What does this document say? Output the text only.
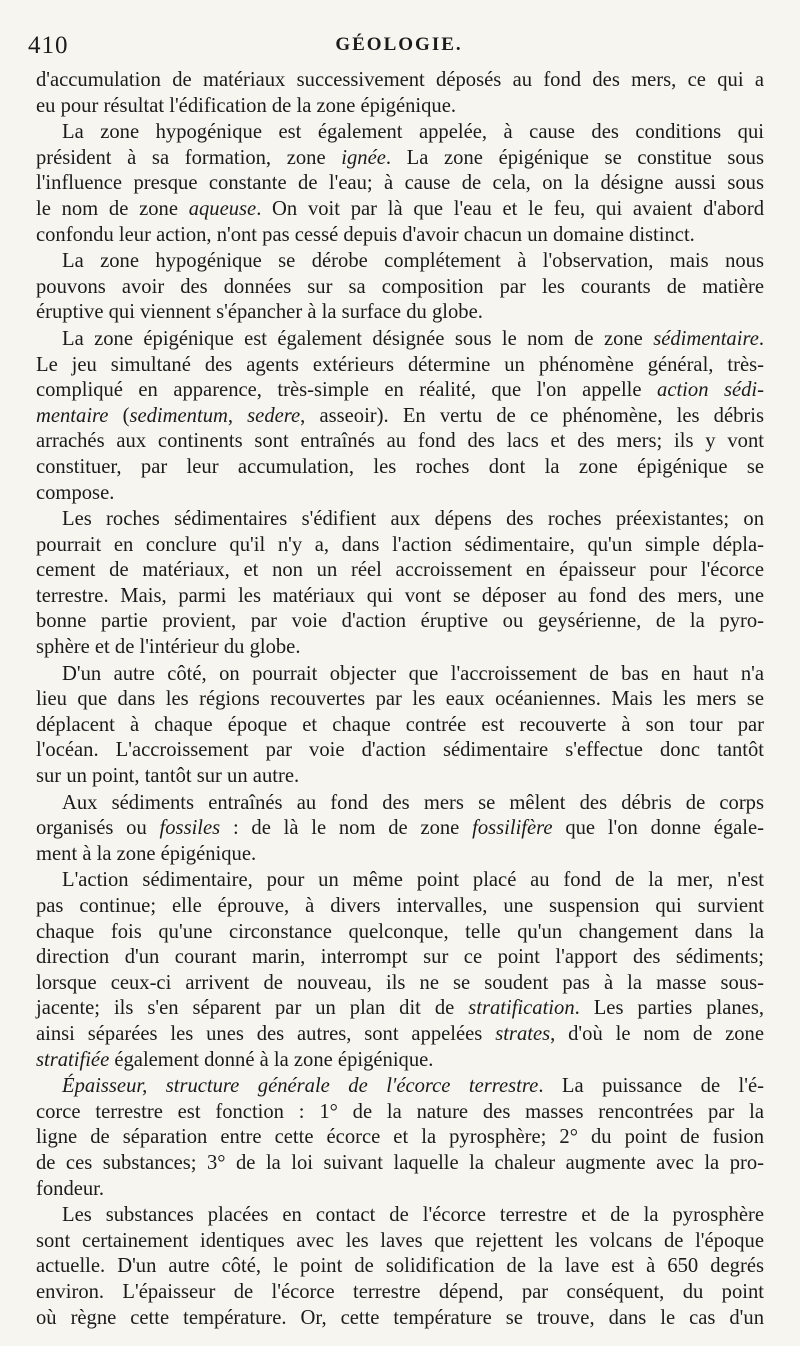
410	GÉOLOGIE.
d'accumulation de matériaux successivement déposés au fond des mers, ce qui a
eu pour résultat l'édification de la zone épigénique.
La zone hypogénique est également appelée, à cause des conditions qui
président à sa formation, zone ignée. La zone épigénique se constitue sous
l'influence presque constante de l'eau; à cause de cela, on la désigne aussi sous
le nom de zone aqueuse. On voit par là que l'eau et le feu, qui avaient d'abord
confondu leur action, n'ont pas cessé depuis d'avoir chacun un domaine distinct.
La zone hypogénique se dérobe complétement à l'observation, mais nous
pouvons avoir des données sur sa composition par les courants de matière
éruptive qui viennent s'épancher à la surface du globe.
La zone épigénique est également désignée sous le nom de zone sédimentaire.
Le jeu simultané des agents extérieurs détermine un phénomène général, très-
compliqué en apparence, très-simple en réalité, que l'on appelle action sédi-
mentaire (sedimentum, sedere, asseoir). En vertu de ce phénomène, les débris
arrachés aux continents sont entraînés au fond des lacs et des mers; ils y vont
constituer, par leur accumulation, les roches dont la zone épigénique se
compose.
Les roches sédimentaires s'édifient aux dépens des roches préexistantes; on
pourrait en conclure qu'il n'y a, dans l'action sédimentaire, qu'un simple dépla-
cement de matériaux, et non un réel accroissement en épaisseur pour l'écorce
terrestre. Mais, parmi les matériaux qui vont se déposer au fond des mers, une
bonne partie provient, par voie d'action éruptive ou geysérienne, de la pyro-
sphère et de l'intérieur du globe.
D'un autre côté, on pourrait objecter que l'accroissement de bas en haut n'a
lieu que dans les régions recouvertes par les eaux océaniennes. Mais les mers se
déplacent à chaque époque et chaque contrée est recouverte à son tour par
l'océan. L'accroissement par voie d'action sédimentaire s'effectue donc tantôt
sur un point, tantôt sur un autre.
Aux sédiments entraînés au fond des mers se mêlent des débris de corps
organisés ou fossiles : de là le nom de zone fossilifère que l'on donne égale-
ment à la zone épigénique.
L'action sédimentaire, pour un même point placé au fond de la mer, n'est
pas continue; elle éprouve, à divers intervalles, une suspension qui survient
chaque fois qu'une circonstance quelconque, telle qu'un changement dans la
direction d'un courant marin, interrompt sur ce point l'apport des sédiments;
lorsque ceux-ci arrivent de nouveau, ils ne se soudent pas à la masse sous-
jacente; ils s'en séparent par un plan dit de stratification. Les parties planes,
ainsi séparées les unes des autres, sont appelées strates, d'où le nom de zone
stratifiée également donné à la zone épigénique.
Épaisseur, structure générale de l'écorce terrestre. La puissance de l'é-
corce terrestre est fonction : 1° de la nature des masses rencontrées par la
ligne de séparation entre cette écorce et la pyrosphère; 2° du point de fusion
de ces substances; 3° de la loi suivant laquelle la chaleur augmente avec la pro-
fondeur.
Les substances placées en contact de l'écorce terrestre et de la pyrosphère
sont certainement identiques avec les laves que rejettent les volcans de l'époque
actuelle. D'un autre côté, le point de solidification de la lave est à 650 degrés
environ. L'épaisseur de l'écorce terrestre dépend, par conséquent, du point
où règne cette température. Or, cette température se trouve, dans le cas d'un
